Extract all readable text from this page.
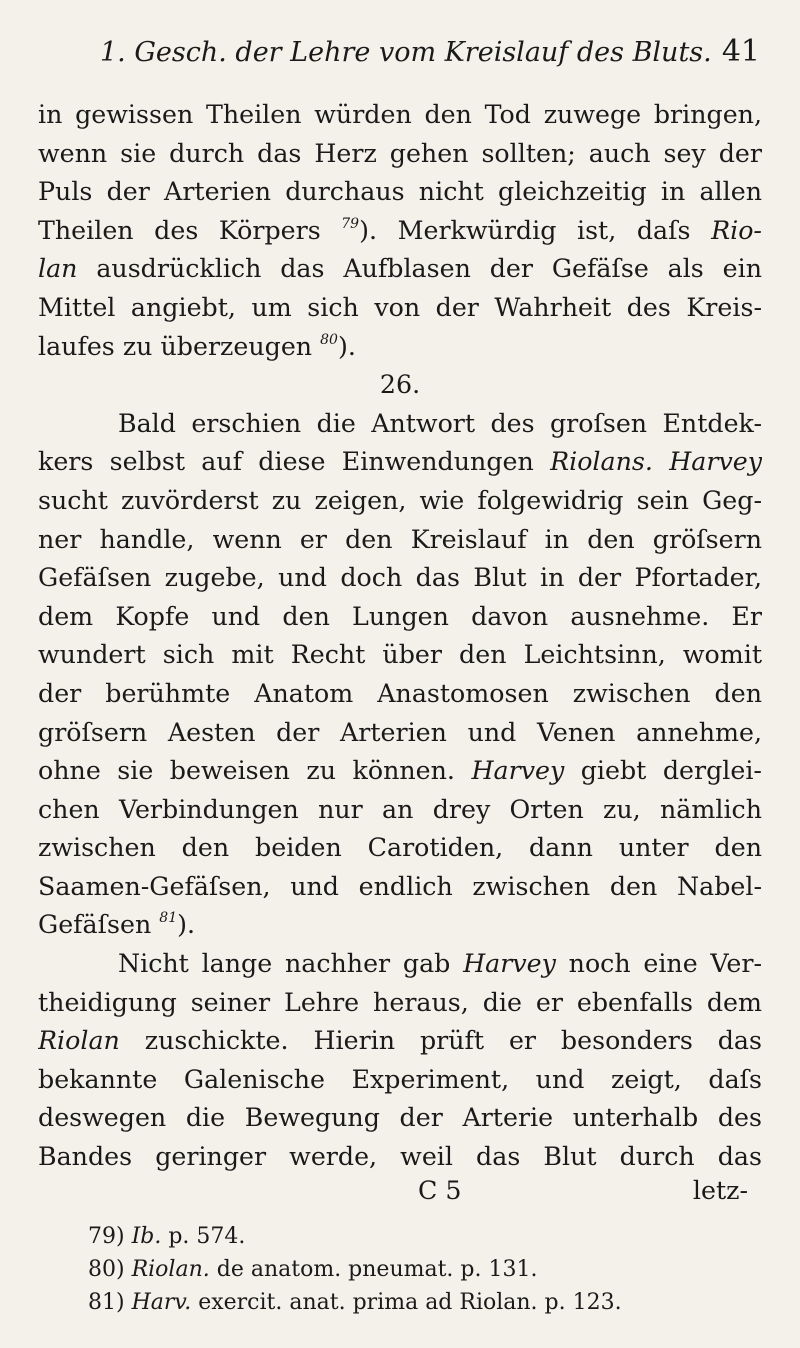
1. Gesch. der Lehre vom Kreislauf des Bluts. 41
in gewissen Theilen würden den Tod zuwege bringen,
wenn sie durch das Herz gehen sollten; auch sey der
Puls der Arterien durchaus nicht gleichzeitig in allen
Theilen des Körpers $^{79}$). Merkwürdig ist, daſs Rio-
lan ausdrücklich das Aufblasen der Gefäſse als ein
Mittel angiebt, um sich von der Wahrheit des Kreis-
laufes zu überzeugen $^{80}$).
26.
Bald erschien die Antwort des groſsen Entdek-
kers selbst auf diese Einwendungen Riolans. Harvey
sucht zuvörderst zu zeigen, wie folgewidrig sein Geg-
ner handle, wenn er den Kreislauf in den gröſsern
Gefäſsen zugebe, und doch das Blut in der Pfortader,
dem Kopfe und den Lungen davon ausnehme. Er
wundert sich mit Recht über den Leichtsinn, womit
der berühmte Anatom Anastomosen zwischen den
gröſsern Aesten der Arterien und Venen annehme,
ohne sie beweisen zu können. Harvey giebt derglei-
chen Verbindungen nur an drey Orten zu, nämlich
zwischen den beiden Carotiden, dann unter den
Saamen-Gefäſsen, und endlich zwischen den Nabel-
Gefäſsen $^{81}$).
Nicht lange nachher gab Harvey noch eine Ver-
theidigung seiner Lehre heraus, die er ebenfalls dem
Riolan zuschickte. Hierin prüft er besonders das
bekannte Galenische Experiment, und zeigt, daſs
deswegen die Bewegung der Arterie unterhalb des
Bandes geringer werde, weil das Blut durch das
C 5	letz-
79) Ib. p. 574.
80) Riolan. de anatom. pneumat. p. 131.
81) Harv. exercit. anat. prima ad Riolan. p. 123.
